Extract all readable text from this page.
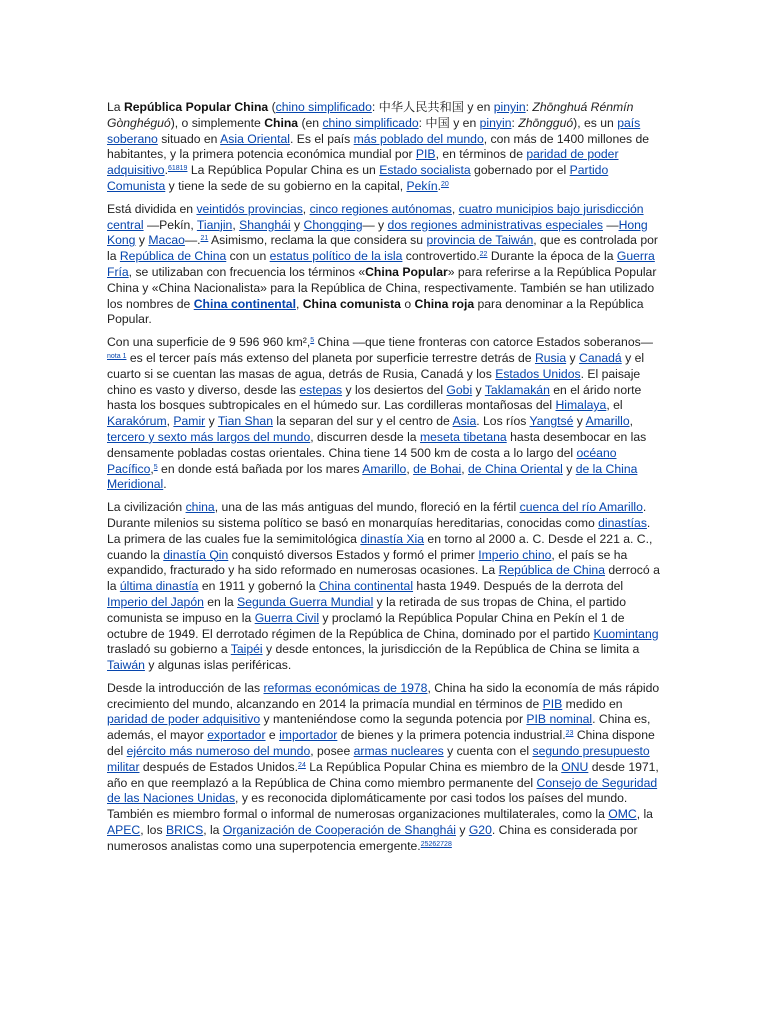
La República Popular China (chino simplificado: 中华人民共和国 y en pinyin: Zhōnghuá Rénmín Gònghéguó), o simplemente China (en chino simplificado: 中国 y en pinyin: Zhōngguó), es un país soberano situado en Asia Oriental. Es el país más poblado del mundo, con más de 1400 millones de habitantes, y la primera potencia económica mundial por PIB, en términos de paridad de poder adquisitivo.$^{61819}$ La República Popular China es un Estado socialista gobernado por el Partido Comunista y tiene la sede de su gobierno en la capital, Pekín.$^{20}$

Está dividida en veintidós provincias, cinco regiones autónomas, cuatro municipios bajo jurisdicción central —Pekín, Tianjin, Shanghái y Chongqing— y dos regiones administrativas especiales —Hong Kong y Macao—.$^{21}$ Asimismo, reclama la que considera su provincia de Taiwán, que es controlada por la República de China con un estatus político de la isla controvertido.$^{22}$ Durante la época de la Guerra Fría, se utilizaban con frecuencia los términos «China Popular» para referirse a la República Popular China y «China Nacionalista» para la República de China, respectivamente. También se han utilizado los nombres de China continental, China comunista o China roja para denominar a la República Popular.

Con una superficie de 9 596 960 km²,$^5$ China —que tiene fronteras con catorce Estados soberanos—$^{nota 1}$ es el tercer país más extenso del planeta por superficie terrestre detrás de Rusia y Canadá y el cuarto si se cuentan las masas de agua, detrás de Rusia, Canadá y los Estados Unidos. El paisaje chino es vasto y diverso, desde las estepas y los desiertos del Gobi y Taklamakán en el árido norte hasta los bosques subtropicales en el húmedo sur. Las cordilleras montañosas del Himalaya, el Karakórum, Pamir y Tian Shan la separan del sur y el centro de Asia. Los ríos Yangtsé y Amarillo, tercero y sexto más largos del mundo, discurren desde la meseta tibetana hasta desembocar en las densamente pobladas costas orientales. China tiene 14 500 km de costa a lo largo del océano Pacífico,$^5$ en donde está bañada por los mares Amarillo, de Bohai, de China Oriental y de la China Meridional.

La civilización china, una de las más antiguas del mundo, floreció en la fértil cuenca del río Amarillo. Durante milenios su sistema político se basó en monarquías hereditarias, conocidas como dinastías. La primera de las cuales fue la semimitológica dinastía Xia en torno al 2000 a. C. Desde el 221 a. C., cuando la dinastía Qin conquistó diversos Estados y formó el primer Imperio chino, el país se ha expandido, fracturado y ha sido reformado en numerosas ocasiones. La República de China derrocó a la última dinastía en 1911 y gobernó la China continental hasta 1949. Después de la derrota del Imperio del Japón en la Segunda Guerra Mundial y la retirada de sus tropas de China, el partido comunista se impuso en la Guerra Civil y proclamó la República Popular China en Pekín el 1 de octubre de 1949. El derrotado régimen de la República de China, dominado por el partido Kuomintang trasladó su gobierno a Taipéi y desde entonces, la jurisdicción de la República de China se limita a Taiwán y algunas islas periféricas.

Desde la introducción de las reformas económicas de 1978, China ha sido la economía de más rápido crecimiento del mundo, alcanzando en 2014 la primacía mundial en términos de PIB medido en paridad de poder adquisitivo y manteniéndose como la segunda potencia por PIB nominal. China es, además, el mayor exportador e importador de bienes y la primera potencia industrial.$^{23}$ China dispone del ejército más numeroso del mundo, posee armas nucleares y cuenta con el segundo presupuesto militar después de Estados Unidos.$^{24}$ La República Popular China es miembro de la ONU desde 1971, año en que reemplazó a la República de China como miembro permanente del Consejo de Seguridad de las Naciones Unidas, y es reconocida diplomáticamente por casi todos los países del mundo. También es miembro formal o informal de numerosas organizaciones multilaterales, como la OMC, la APEC, los BRICS, la Organización de Cooperación de Shanghái y G20. China es considerada por numerosos analistas como una superpotencia emergente.$^{25262728}$
